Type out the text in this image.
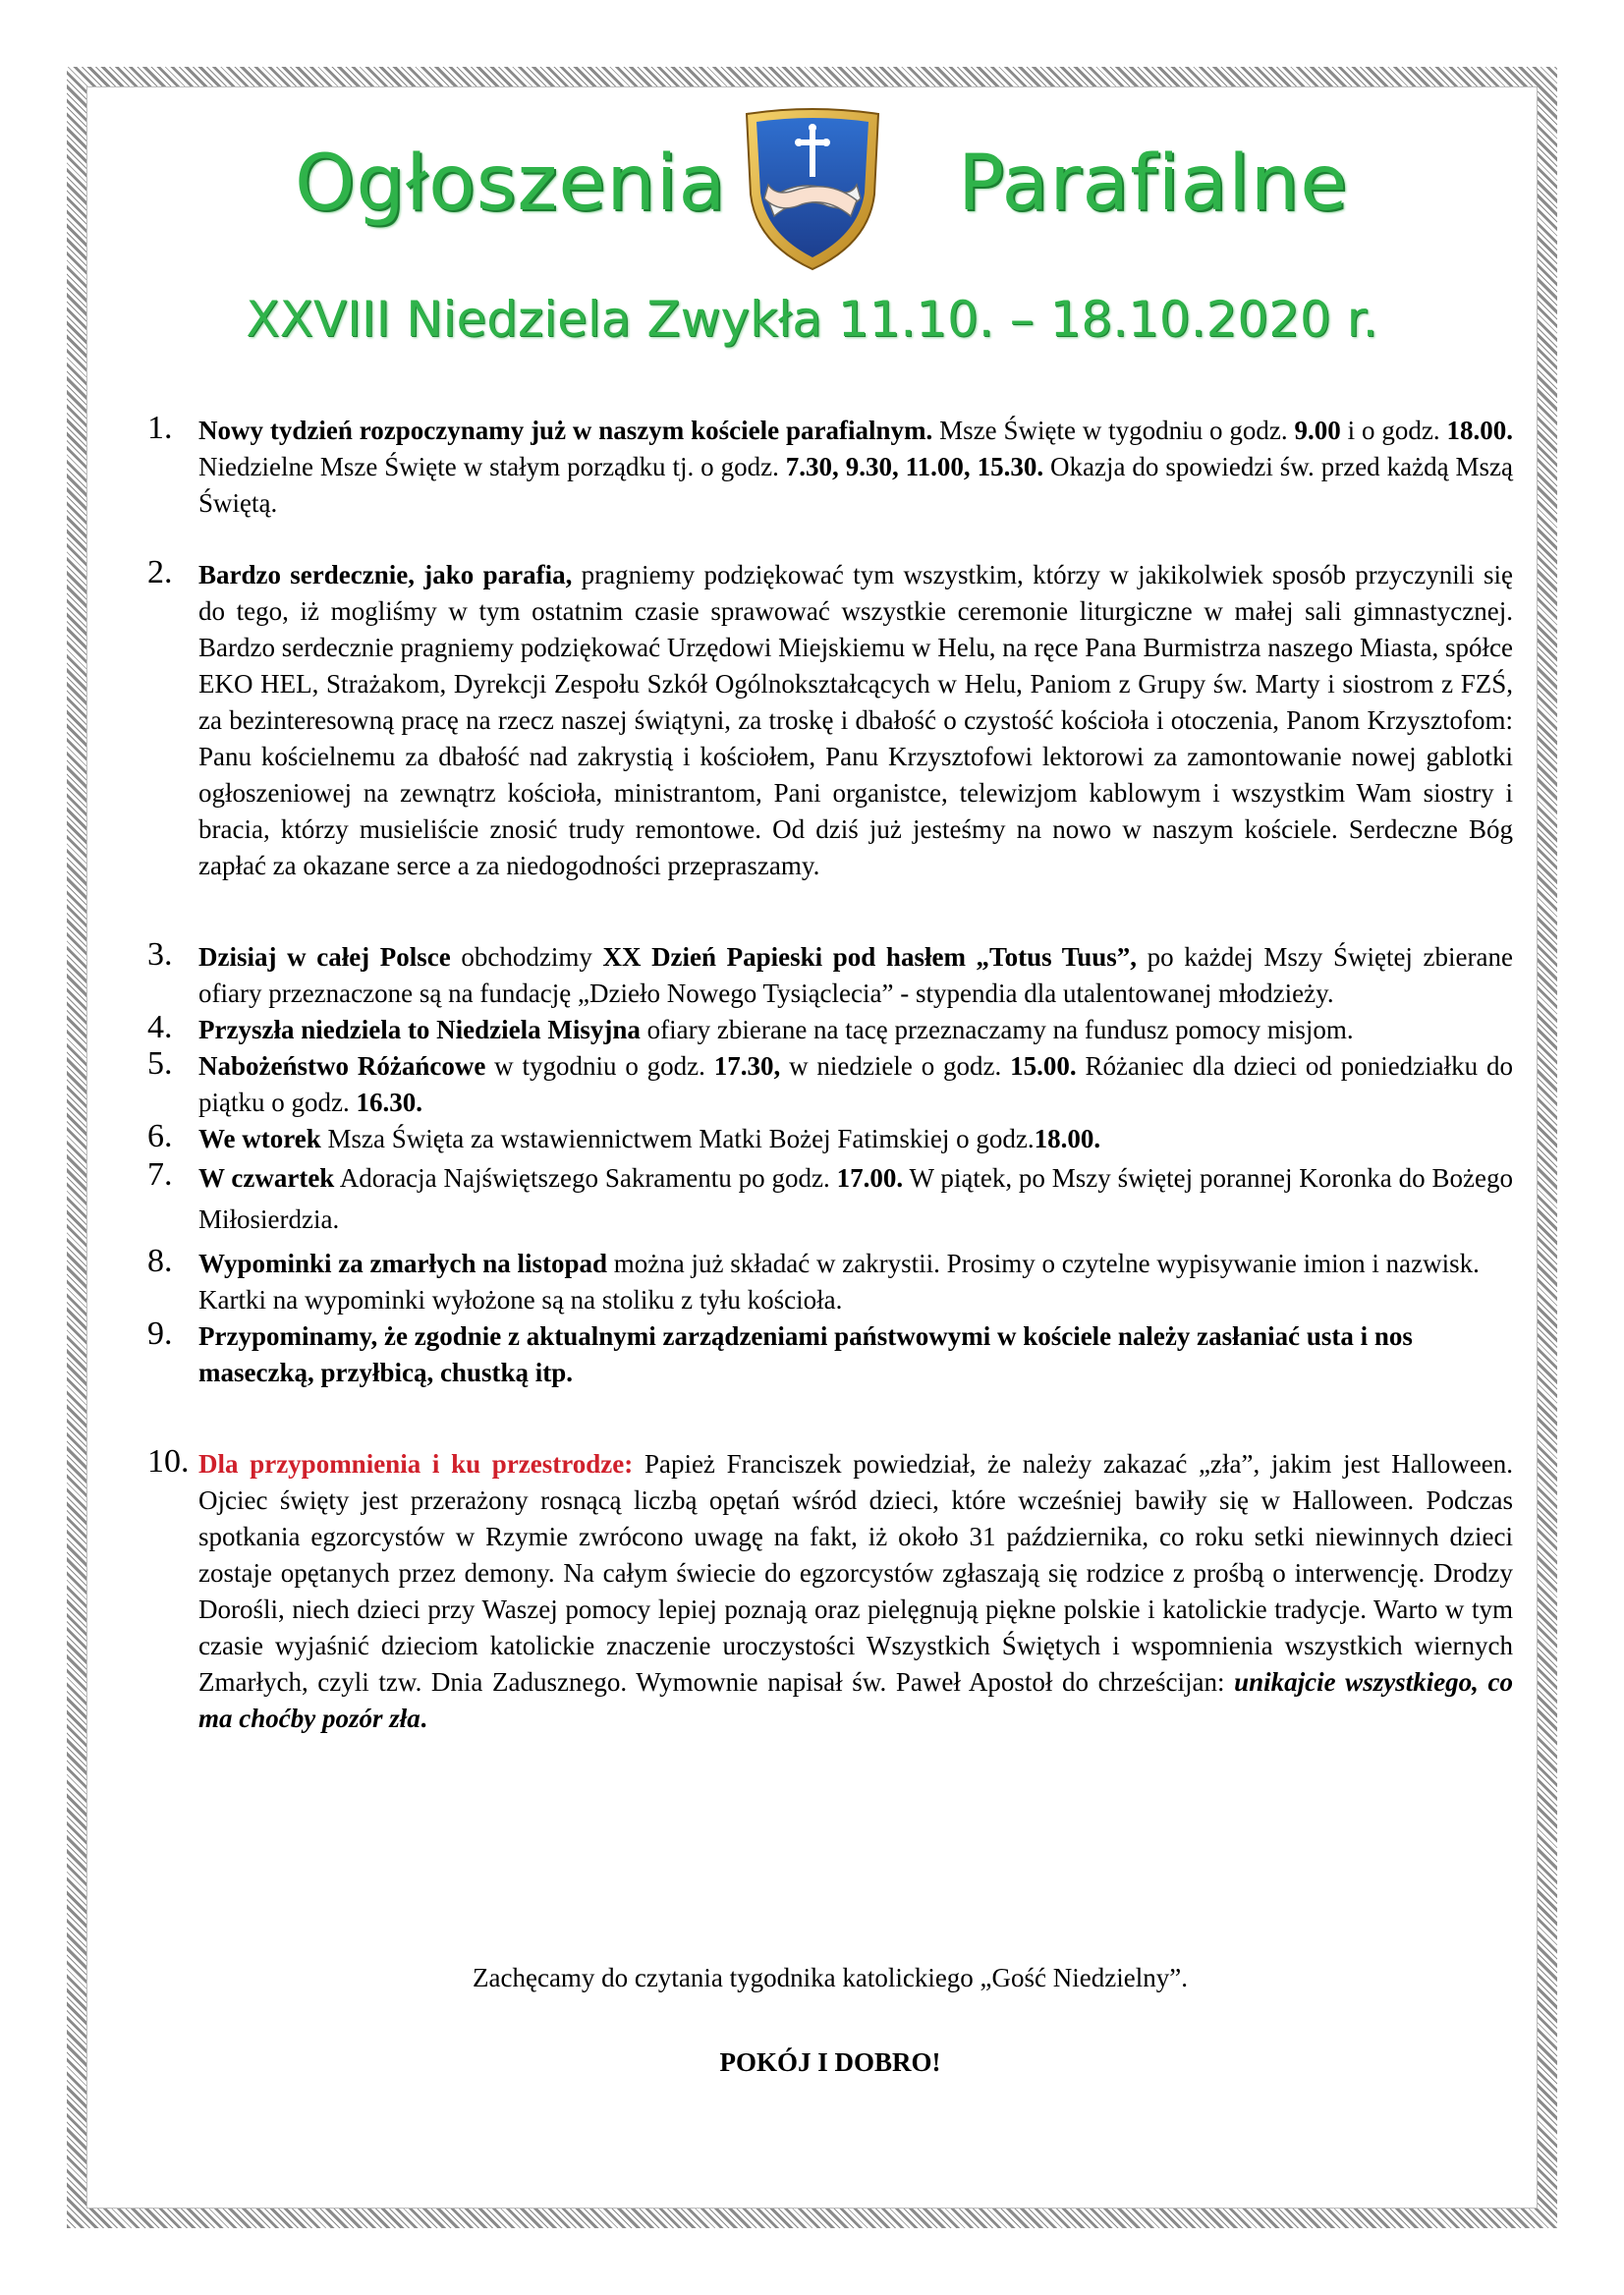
Ogłoszenia	Parafialne
XXVIII Niedziela Zwykła 11.10. – 18.10.2020 r.

1. Nowy tydzień rozpoczynamy już w naszym kościele parafialnym. Msze Święte w tygodniu o godz. 9.00 i o godz. 18.00. Niedzielne Msze Święte w stałym porządku tj. o godz. 7.30, 9.30, 11.00, 15.30. Okazja do spowiedzi św. przed każdą Mszą Świętą.

2. Bardzo serdecznie, jako parafia, pragniemy podziękować tym wszystkim, którzy w jakikolwiek sposób przyczynili się do tego, iż mogliśmy w tym ostatnim czasie sprawować wszystkie ceremonie liturgiczne w małej sali gimnastycznej. Bardzo serdecznie pragniemy podziękować Urzędowi Miejskiemu w Helu, na ręce Pana Burmistrza naszego Miasta, spółce EKO HEL, Strażakom, Dyrekcji Zespołu Szkół Ogólnokształcących w Helu, Paniom z Grupy św. Marty i siostrom z FZŚ, za bezinteresowną pracę na rzecz naszej świątyni, za troskę i dbałość o czystość kościoła i otoczenia, Panom Krzysztofom: Panu kościelnemu za dbałość nad zakrystią i kościołem, Panu Krzysztofowi lektorowi za zamontowanie nowej gablotki ogłoszeniowej na zewnątrz kościoła, ministrantom, Pani organistce, telewizjom kablowym i wszystkim Wam siostry i bracia, którzy musieliście znosić trudy remontowe. Od dziś już jesteśmy na nowo w naszym kościele. Serdeczne Bóg zapłać za okazane serce a za niedogodności przepraszamy.

3. Dzisiaj w całej Polsce obchodzimy XX Dzień Papieski pod hasłem „Totus Tuus”, po każdej Mszy Świętej zbierane ofiary przeznaczone są na fundację „Dzieło Nowego Tysiąclecia” - stypendia dla utalentowanej młodzieży.

4. Przyszła niedziela to Niedziela Misyjna ofiary zbierane na tacę przeznaczamy na fundusz pomocy misjom.

5. Nabożeństwo Różańcowe w tygodniu o godz. 17.30, w niedziele o godz. 15.00. Różaniec dla dzieci od poniedziałku do piątku o godz. 16.30.

6. We wtorek Msza Święta za wstawiennictwem Matki Bożej Fatimskiej o godz.18.00.

7. W czwartek Adoracja Najświętszego Sakramentu po godz. 17.00. W piątek, po Mszy świętej porannej Koronka do Bożego Miłosierdzia.

8. Wypominki za zmarłych na listopad można już składać w zakrystii. Prosimy o czytelne wypisywanie imion i nazwisk. Kartki na wypominki wyłożone są na stoliku z tyłu kościoła.

9. Przypominamy, że zgodnie z aktualnymi zarządzeniami państwowymi w kościele należy zasłaniać usta i nos maseczką, przyłbicą, chustką itp.

10. Dla przypomnienia i ku przestrodze: Papież Franciszek powiedział, że należy zakazać „zła”, jakim jest Halloween. Ojciec święty jest przerażony rosnącą liczbą opętań wśród dzieci, które wcześniej bawiły się w Halloween. Podczas spotkania egzorcystów w Rzymie zwrócono uwagę na fakt, iż około 31 października, co roku setki niewinnych dzieci zostaje opętanych przez demony. Na całym świecie do egzorcystów zgłaszają się rodzice z prośbą o interwencję. Drodzy Dorośli, niech dzieci przy Waszej pomocy lepiej poznają oraz pielęgnują piękne polskie i katolickie tradycje. Warto w tym czasie wyjaśnić dzieciom katolickie znaczenie uroczystości Wszystkich Świętych i wspomnienia wszystkich wiernych Zmarłych, czyli tzw. Dnia Zadusznego. Wymownie napisał św. Paweł Apostoł do chrześcijan: unikajcie wszystkiego, co ma choćby pozór zła.

Zachęcamy do czytania tygodnika katolickiego „Gość Niedzielny”.
POKÓJ I DOBRO!
